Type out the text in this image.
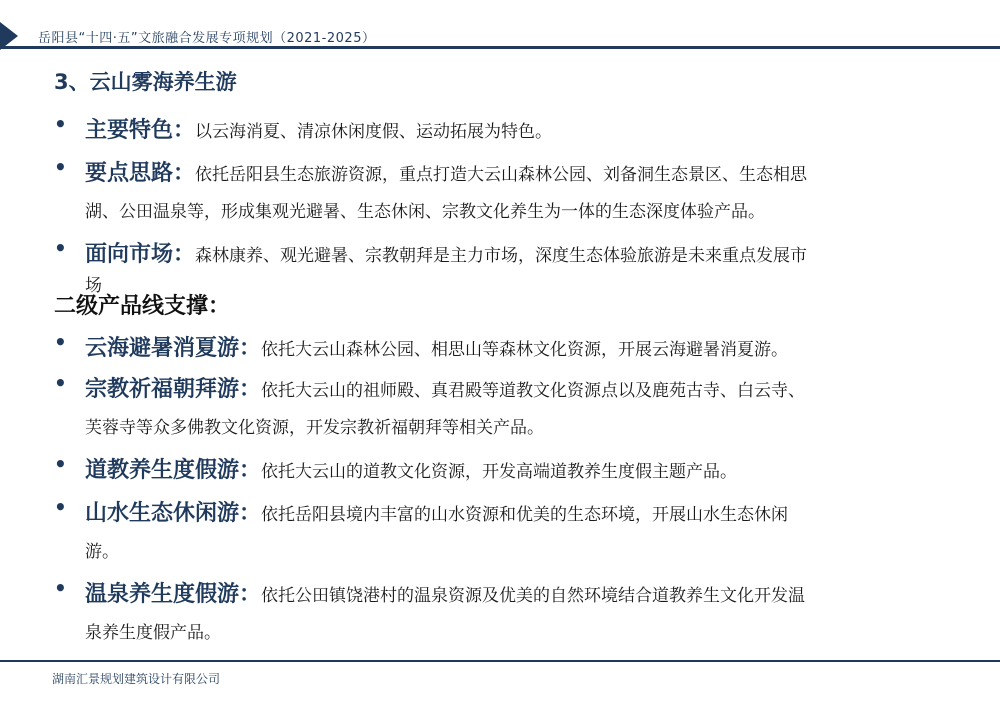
岳阳县“十四·五”文旅融合发展专项规划（2021-2025）
3、云山雾海养生游
• 主要特色：以云海消夏、清凉休闲度假、运动拓展为特色。
• 要点思路：依托岳阳县生态旅游资源，重点打造大云山森林公园、刘备洞生态景区、生态相思
湖、公田温泉等，形成集观光避暑、生态休闲、宗教文化养生为一体的生态深度体验产品。
• 面向市场：森林康养、观光避暑、宗教朝拜是主力市场，深度生态体验旅游是未来重点发展市
场
二级产品线支撑：
• 云海避暑消夏游：依托大云山森林公园、相思山等森林文化资源，开展云海避暑消夏游。
• 宗教祈福朝拜游：依托大云山的祖师殿、真君殿等道教文化资源点以及鹿苑古寺、白云寺、
芙蓉寺等众多佛教文化资源，开发宗教祈福朝拜等相关产品。
• 道教养生度假游：依托大云山的道教文化资源，开发高端道教养生度假主题产品。
• 山水生态休闲游：依托岳阳县境内丰富的山水资源和优美的生态环境，开展山水生态休闲
游。
• 温泉养生度假游：依托公田镇饶港村的温泉资源及优美的自然环境结合道教养生文化开发温
泉养生度假产品。
湖南汇景规划建筑设计有限公司
